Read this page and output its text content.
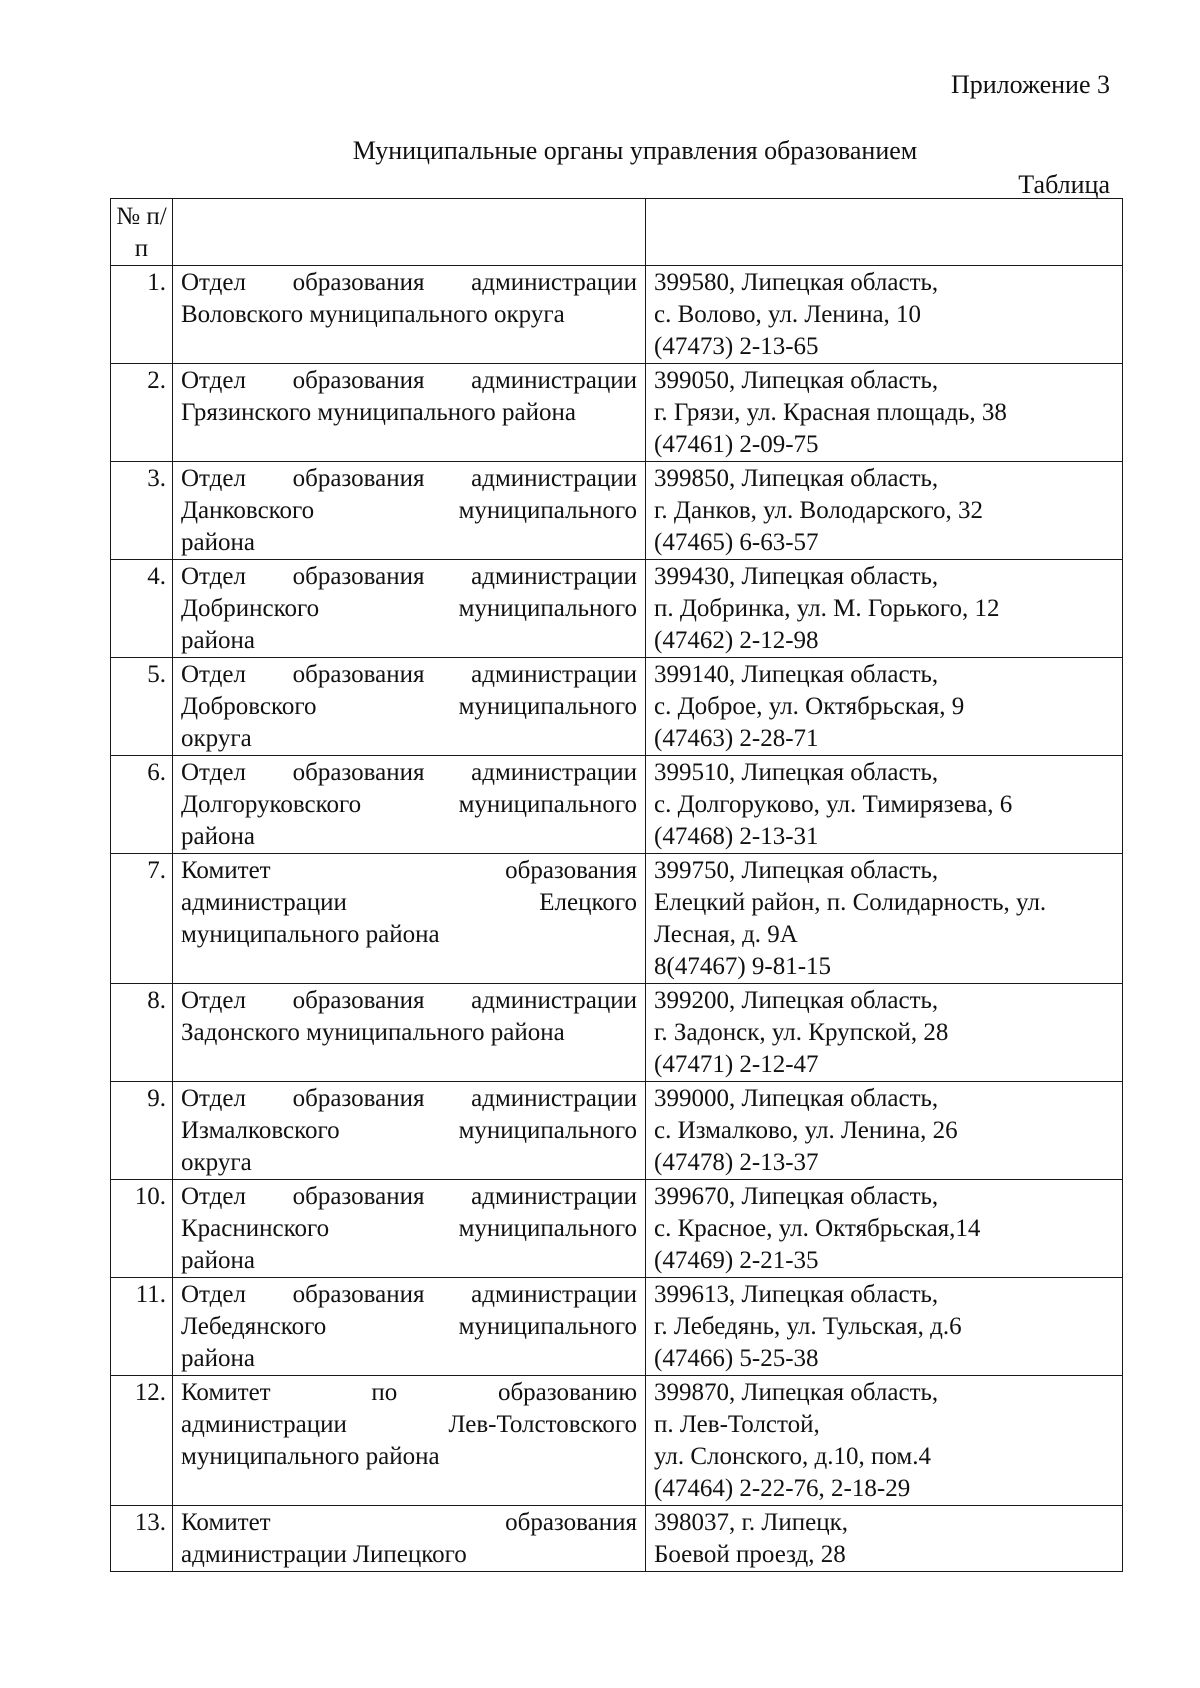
Приложение 3
Муниципальные органы управления образованием
Таблица
№ п/п		
1.	Отдел образования администрации
Воловского муниципального округа	399580, Липецкая область,
с. Волово, ул. Ленина, 10
(47473) 2-13-65

2.	Отдел образования администрации
Грязинского муниципального района	399050, Липецкая область,
г. Грязи, ул. Красная площадь, 38
(47461) 2-09-75

3.	Отдел образования администрации
Данковского муниципального
района	399850, Липецкая область,
г. Данков, ул. Володарского, 32
(47465) 6-63-57

4.	Отдел образования администрации
Добринского муниципального
района	399430, Липецкая область,
п. Добринка, ул. М. Горького, 12
(47462) 2-12-98

5.	Отдел образования администрации
Добровского муниципального
округа	399140, Липецкая область,
с. Доброе, ул. Октябрьская, 9
(47463) 2-28-71

6.	Отдел образования администрации
Долгоруковского муниципального
района	399510, Липецкая область,
с. Долгоруково, ул. Тимирязева, 6
(47468) 2-13-31

7.	Комитет образования
администрации Елецкого
муниципального района	399750, Липецкая область,
Елецкий район, п. Солидарность, ул.
Лесная, д. 9А
8(47467) 9-81-15

8.	Отдел образования администрации
Задонского муниципального района	399200, Липецкая область,
г. Задонск, ул. Крупской, 28
(47471) 2-12-47

9.	Отдел образования администрации
Измалковского муниципального
округа	399000, Липецкая область,
с. Измалково, ул. Ленина, 26
(47478) 2-13-37

10.	Отдел образования администрации
Краснинского муниципального
района	399670, Липецкая область,
с. Красное, ул. Октябрьская,14
(47469) 2-21-35

11.	Отдел образования администрации
Лебедянского муниципального
района	399613, Липецкая область,
г. Лебедянь, ул. Тульская, д.6
(47466) 5-25-38

12.	Комитет по образованию
администрации Лев-Толстовского
муниципального района	399870, Липецкая область,
п. Лев-Толстой,
ул. Слонского, д.10, пом.4
(47464) 2-22-76, 2-18-29

13.	Комитет образования
администрации Липецкого	398037, г. Липецк,
Боевой проезд, 28
